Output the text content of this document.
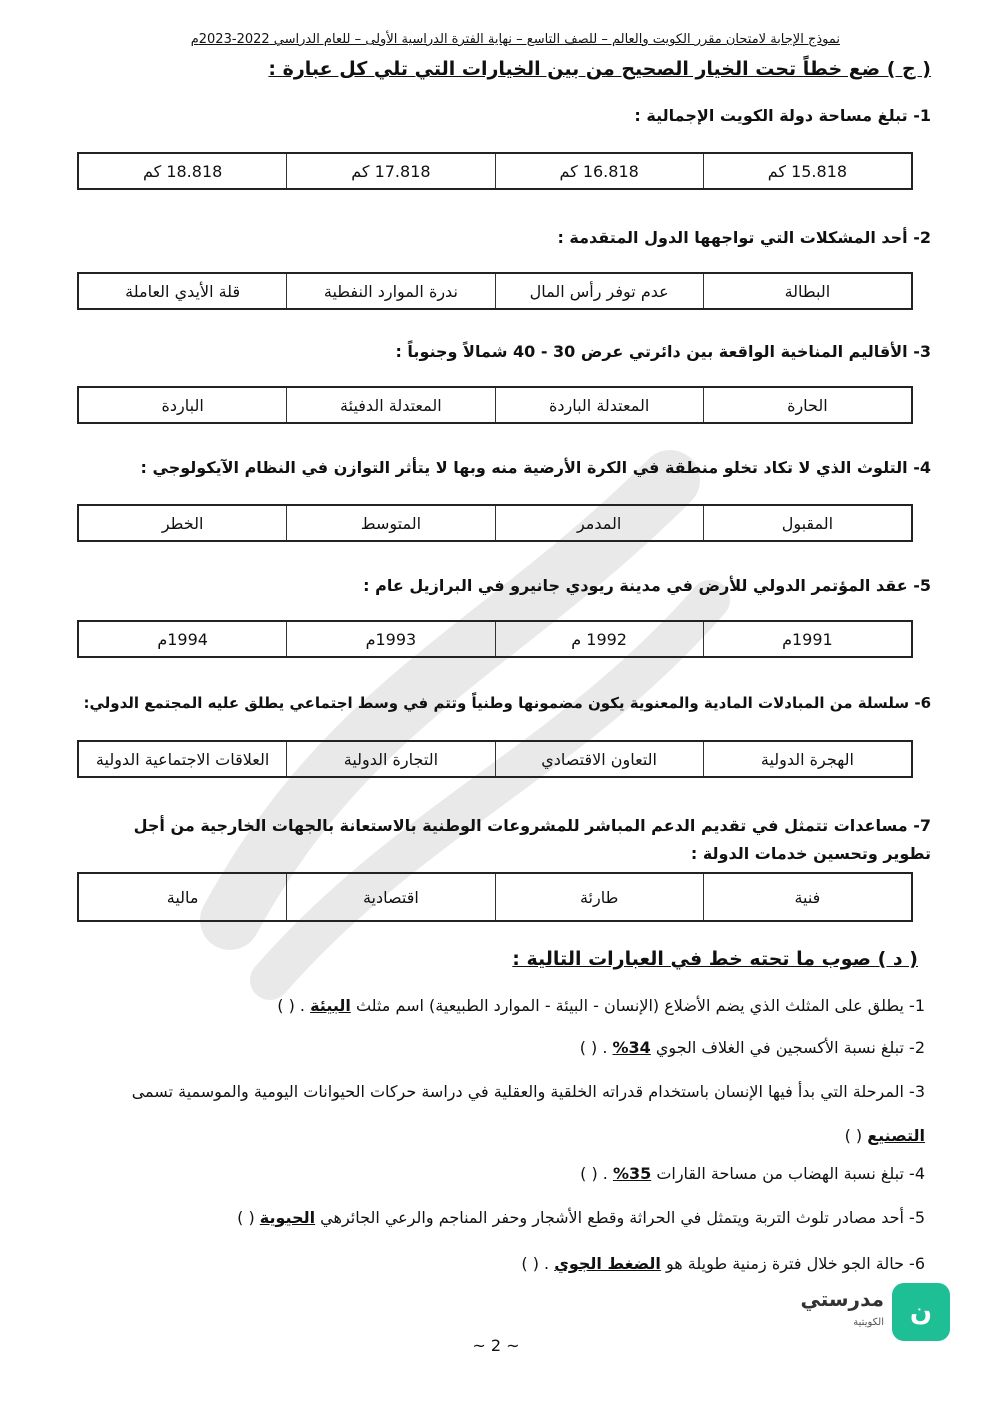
نموذج الإجابة لامتحان مقرر الكويت والعالم – للصف التاسع – نهاية الفترة الدراسية الأولى – للعام الدراسي 2022-2023م
( ج ) ضع خطاً تحت الخيار الصحيح من بين الخيارات التي تلي كل عبارة :
1- تبلغ مساحة دولة الكويت الإجمالية :
15.818 كم
16.818 كم
17.818 كم
18.818 كم
2- أحد المشكلات التي تواجهها الدول المتقدمة :
البطالة
عدم توفر رأس المال
ندرة الموارد النفطية
قلة الأيدي العاملة
3- الأقاليم المناخية الواقعة بين دائرتي عرض 30 - 40 شمالاً وجنوباً :
الحارة
المعتدلة الباردة
المعتدلة الدفيئة
الباردة
4- التلوث الذي لا تكاد تخلو منطقة في الكرة الأرضية منه وبها لا يتأثر التوازن في النظام الآيكولوجي :
المقبول
المدمر
المتوسط
الخطر
5- عقد المؤتمر الدولي للأرض في مدينة ريودي جانيرو في البرازيل عام :
1991م
1992 م
1993م
1994م
6- سلسلة من المبادلات المادية والمعنوية يكون مضمونها وطنياً وتتم في وسط اجتماعي يطلق عليه المجتمع الدولي:
الهجرة الدولية
التعاون الاقتصادي
التجارة الدولية
العلاقات الاجتماعية الدولية
7- مساعدات تتمثل في تقديم الدعم المباشر للمشروعات الوطنية بالاستعانة بالجهات الخارجية من أجل تطوير وتحسين خدمات الدولة :
فنية
طارئة
اقتصادية
مالية
( د ) صوب ما تحته خط في العبارات التالية :
1- يطلق على المثلث الذي يضم الأضلاع (الإنسان - البيئة - الموارد الطبيعية) اسم مثلث البيئة . ( )
2- تبلغ نسبة الأكسجين في الغلاف الجوي 34% . ( )
3- المرحلة التي بدأ فيها الإنسان باستخدام قدراته الخلقية والعقلية في دراسة حركات الحيوانات اليومية والموسمية تسمى التصنيع ( )
4- تبلغ نسبة الهضاب من مساحة القارات 35% . ( )
5- أحد مصادر تلوث التربة ويتمثل في الحراثة وقطع الأشجار وحفر المناجم والرعي الجائرهي الحيوية ( )
6- حالة الجو خلال فترة زمنية طويلة هو الضغط الجوي . ( )
~ 2 ~
ن
مدرستي
الكويتية
